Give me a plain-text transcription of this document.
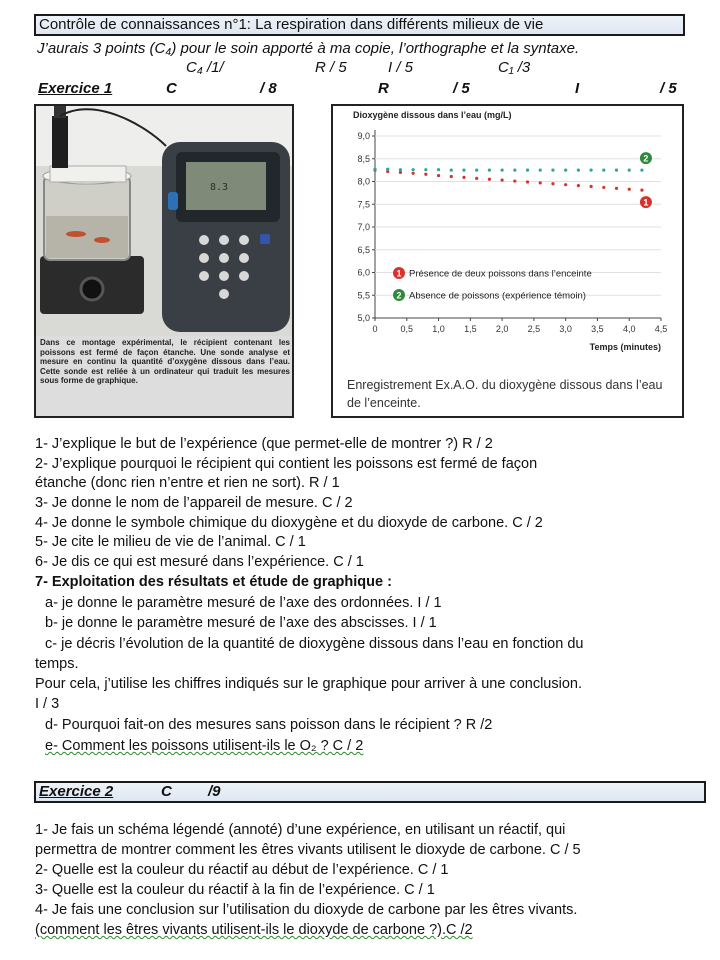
Contrôle de connaissances n°1: La respiration dans différents milieux de vie
J’aurais 3 points (C₄) pour le soin apporté à ma copie, l’orthographe et la syntaxe.
C₄ /1/	R / 5	I / 5	C₁ /3
Exercice 1	C	/ 8	R	/ 5	I	/ 5
8.3
Dans ce montage expérimental, le récipient contenant les poissons est fermé de façon étanche. Une sonde analyse et mesure en continu la quantité d’oxygène dissous dans l’eau. Cette sonde est reliée à un ordinateur qui traduit les mesures sous forme de graphique.
Dioxygène dissous dans l’eau (mg/L)
5,0
5,5
6,0
6,5
7,0
7,5
8,0
8,5
9,0
0	0,5 1,0 1,5 2,0 2,5 3,0 3,5 4,0 4,5
1
2
1 Présence de deux poissons dans l’enceinte
2 Absence de poissons (expérience témoin)
Temps (minutes)
Enregistrement Ex.A.O. du dioxygène dissous dans l’eau de l’enceinte.
1- J’explique le but de l’expérience (que permet-elle de montrer ?) R / 2
2- J’explique pourquoi le récipient qui contient les poissons est fermé de façon
étanche (donc rien n’entre et rien ne sort). R / 1
3- Je donne le nom de l’appareil de mesure. C / 2
4- Je donne le symbole chimique du dioxygène et du dioxyde de carbone. C / 2
5- Je cite le milieu de vie de l’animal. C / 1
6- Je dis ce qui est mesuré dans l’expérience. C / 1
7- Exploitation des résultats et étude de graphique :
a- je donne le paramètre mesuré de l’axe des ordonnées. I / 1
b- je donne le paramètre mesuré de l’axe des abscisses. I / 1
c- je décris l’évolution de la quantité de dioxygène dissous dans l’eau en fonction du
temps.
Pour cela, j’utilise les chiffres indiqués sur le graphique pour arriver à une conclusion.
I / 3
d- Pourquoi fait-on des mesures sans poisson dans le récipient ? R /2
e- Comment les poissons utilisent-ils le O₂ ? C / 2
Exercice 2	C /9
1- Je fais un schéma légendé (annoté) d’une expérience, en utilisant un réactif, qui
permettra de montrer comment les êtres vivants utilisent le dioxyde de carbone. C / 5
2- Quelle est la couleur du réactif au début de l’expérience. C / 1
3- Quelle est la couleur du réactif à la fin de l’expérience. C / 1
4- Je fais une conclusion sur l’utilisation du dioxyde de carbone par les êtres vivants.
(comment les êtres vivants utilisent-ils le dioxyde de carbone ?).C /2
